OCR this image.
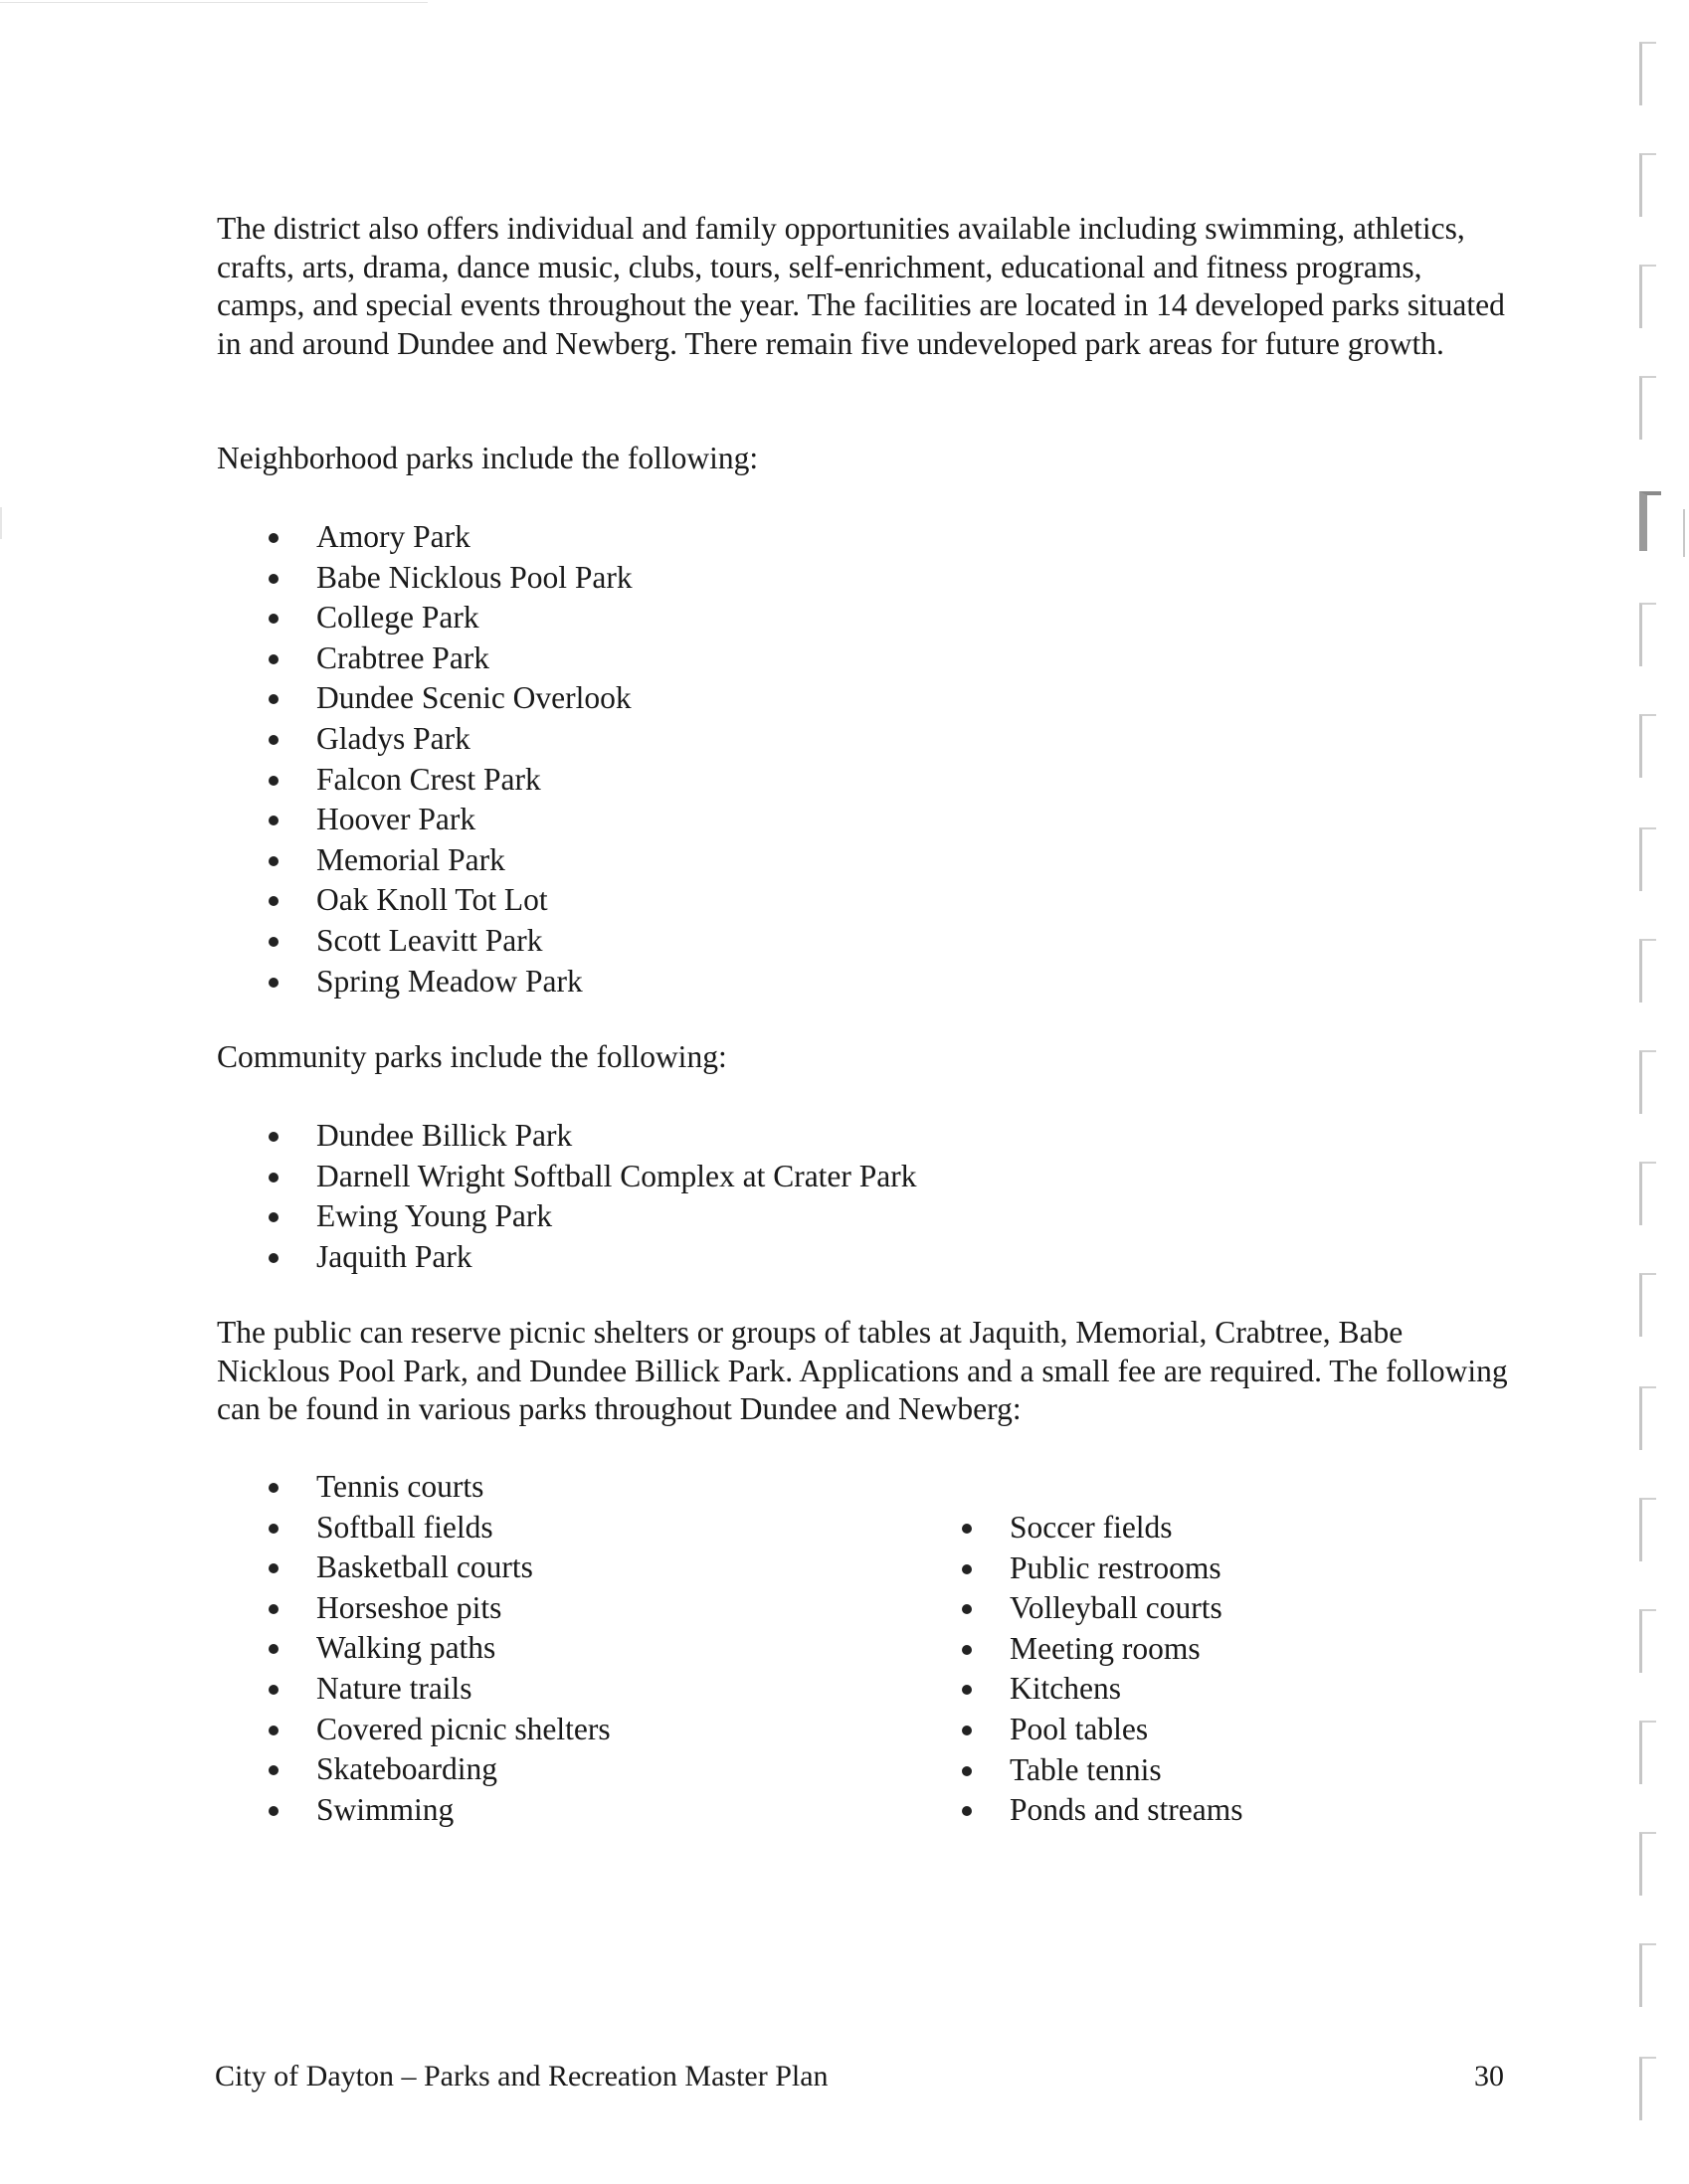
The district also offers individual and family opportunities available including swimming, athletics, crafts, arts, drama, dance music, clubs, tours, self-enrichment, educational and fitness programs, camps, and special events throughout the year. The facilities are located in 14 developed parks situated in and around Dundee and Newberg. There remain five undeveloped park areas for future growth.

Neighborhood parks include the following:

Amory Park
Babe Nicklous Pool Park
College Park
Crabtree Park
Dundee Scenic Overlook
Gladys Park
Falcon Crest Park
Hoover Park
Memorial Park
Oak Knoll Tot Lot
Scott Leavitt Park
Spring Meadow Park

Community parks include the following:

Dundee Billick Park
Darnell Wright Softball Complex at Crater Park
Ewing Young Park
Jaquith Park

The public can reserve picnic shelters or groups of tables at Jaquith, Memorial, Crabtree, Babe Nicklous Pool Park, and Dundee Billick Park. Applications and a small fee are required. The following can be found in various parks throughout Dundee and Newberg:

Tennis courts
Softball fields
Basketball courts
Horseshoe pits
Walking paths
Nature trails
Covered picnic shelters
Skateboarding
Swimming
Soccer fields
Public restrooms
Volleyball courts
Meeting rooms
Kitchens
Pool tables
Table tennis
Ponds and streams
City of Dayton – Parks and Recreation Master Plan	30
